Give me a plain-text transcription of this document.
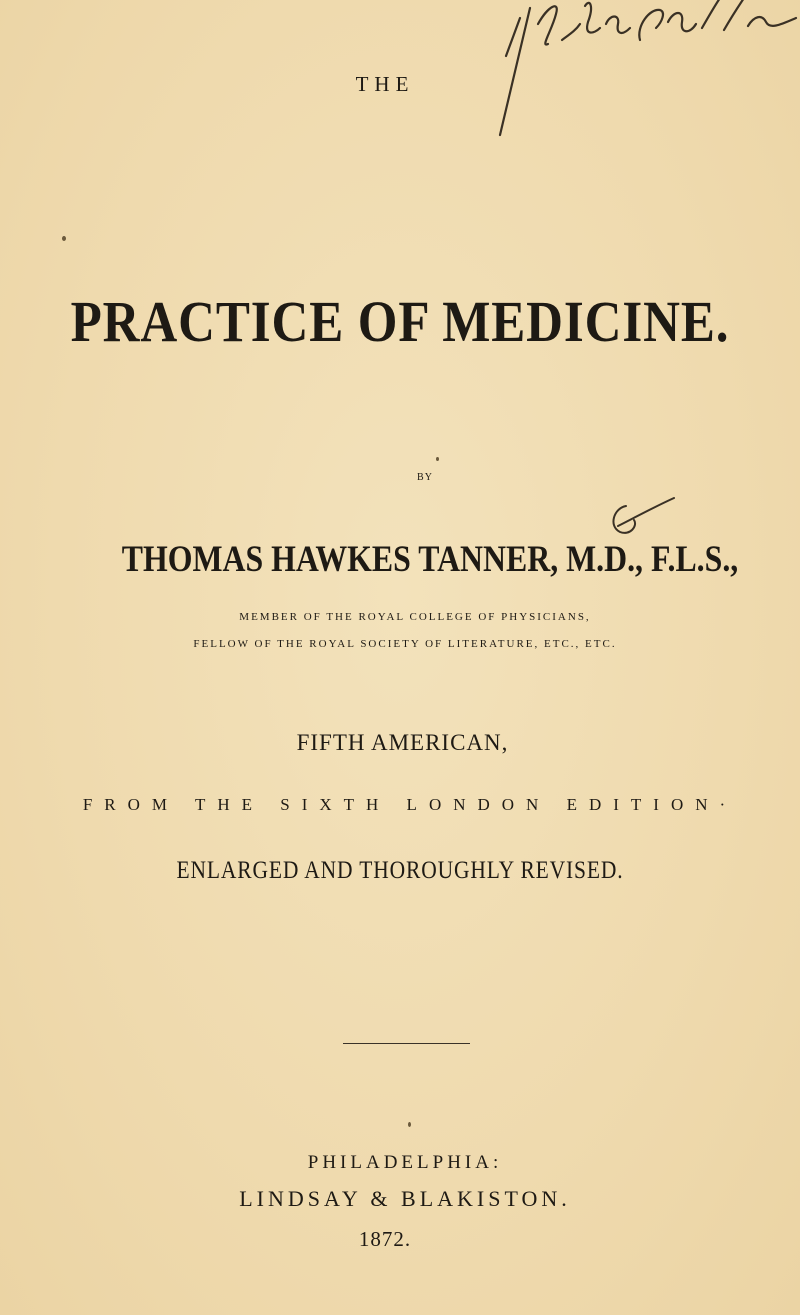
THE
PRACTICE OF MEDICINE.
BY
THOMAS HAWKES TANNER, M.D., F.L.S.,
MEMBER OF THE ROYAL COLLEGE OF PHYSICIANS,
FELLOW OF THE ROYAL SOCIETY OF LITERATURE, ETC., ETC.
FIFTH AMERICAN,
FROM THE SIXTH LONDON EDITION·
ENLARGED AND THOROUGHLY REVISED.
PHILADELPHIA:
LINDSAY & BLAKISTON.
1872.
